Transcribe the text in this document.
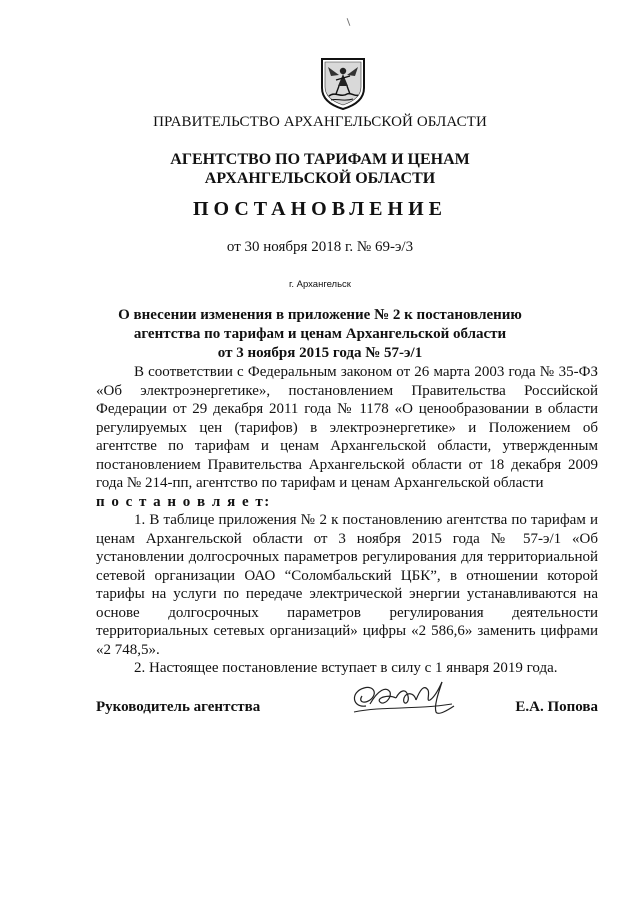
ПРАВИТЕЛЬСТВО АРХАНГЕЛЬСКОЙ ОБЛАСТИ
АГЕНТСТВО ПО ТАРИФАМ И ЦЕНАМ
АРХАНГЕЛЬСКОЙ ОБЛАСТИ
ПОСТАНОВЛЕНИЕ
от 30 ноября 2018 г. № 69-э/3
г. Архангельск
О внесении изменения в приложение № 2 к постановлению
агентства по тарифам и ценам Архангельской области
от 3 ноября 2015 года № 57-э/1

В соответствии с Федеральным законом от 26 марта 2003 года № 35-ФЗ «Об электроэнергетике», постановлением Правительства Российской Федерации от 29 декабря 2011 года № 1178 «О ценообразовании в области регулируемых цен (тарифов) в электроэнергетике» и Положением об агентстве по тарифам и ценам Архангельской области, утвержденным постановлением Правительства Архангельской области от 18 декабря 2009 года № 214-пп, агентство по тарифам и ценам Архангельской области

п о с т а н о в л я е т:

1. В таблице приложения № 2 к постановлению агентства по тарифам и ценам Архангельской области от 3 ноября 2015 года № 57-э/1 «Об установлении долгосрочных параметров регулирования для территориальной сетевой организации ОАО “Соломбальский ЦБК”, в отношении которой тарифы на услуги по передаче электрической энергии устанавливаются на основе долгосрочных параметров регулирования деятельности территориальных сетевых организаций» цифры «2 586,6» заменить цифрами «2 748,5».

2. Настоящее постановление вступает в силу с 1 января 2019 года.

Руководитель агентства	Е.А. Попова
